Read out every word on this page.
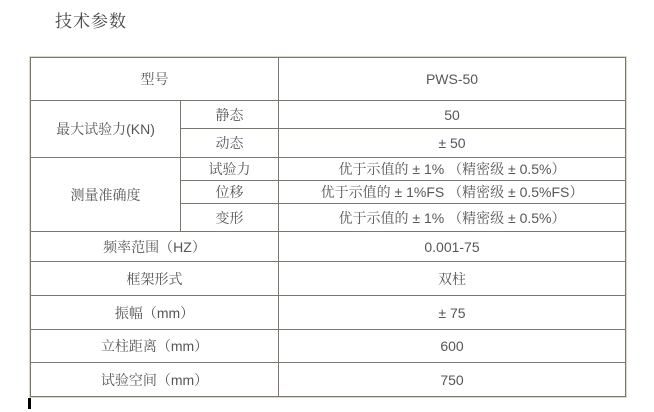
技术参数
型号		PWS-50
最大试验力(KN)	静态	50
	动态	± 50
测量准确度	试验力	优于示值的 ± 1% （精密级 ± 0.5%）
	位移	优于示值的 ± 1%FS （精密级 ± 0.5%FS）
	变形	优于示值的 ± 1% （精密级 ± 0.5%）
频率范围（HZ）		0.001-75
框架形式		双柱
振幅（mm）		± 75
立柱距离（mm）		600
试验空间（mm）		750
